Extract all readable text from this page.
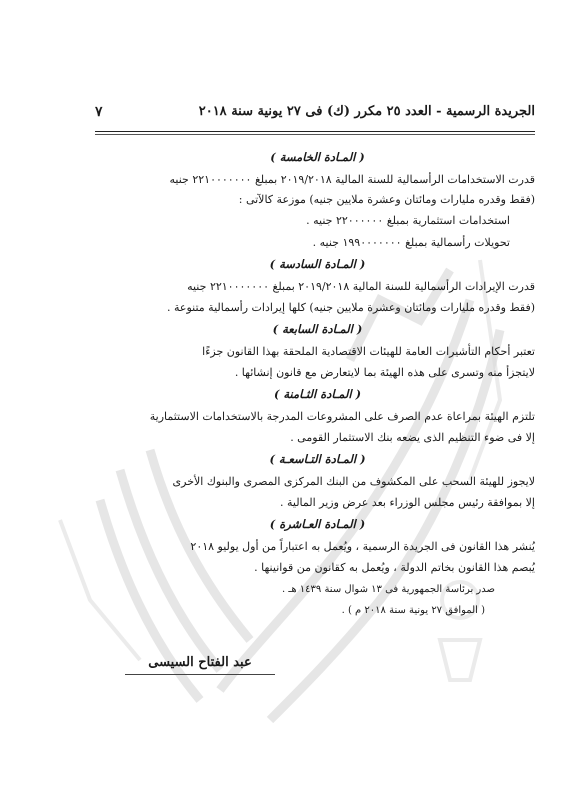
الجريدة الرسمية - العدد ٢٥ مكرر (ك) فى ٢٧ يونية سنة ٢٠١٨
٧
( المـادة الخامسة )
قدرت الاستخدامات الرأسمالية للسنة المالية ٢٠١٩/٢٠١٨ بمبلغ ٢٢١٠٠٠٠٠٠٠ جنيه
(فقط وقدره مليارات ومائتان وعشرة ملايين جنيه) موزعة كالآتى :
استخدامات استثمارية بمبلغ ٢٢٠٠٠٠٠٠ جنيه .
تحويلات رأسمالية بمبلغ ١٩٩٠٠٠٠٠٠٠ جنيه .
( المـادة السادسة )
قدرت الإيرادات الرأسمالية للسنة المالية ٢٠١٩/٢٠١٨ بمبلغ ٢٢١٠٠٠٠٠٠٠ جنيه
(فقط وقدره مليارات ومائتان وعشرة ملايين جنيه) كلها إيرادات رأسمالية متنوعة .
( المـادة السابعة )
تعتبر أحكام التأشيرات العامة للهيئات الاقتصادية الملحقة بهذا القانون جزءًا
لايتجزأ منه وتسرى على هذه الهيئة بما لايتعارض مع قانون إنشائها .
( المـادة الثـامنة )
تلتزم الهيئة بمراعاة عدم الصرف على المشروعات المدرجة بالاستخدامات الاستثمارية
إلا فى ضوء التنظيم الذى يضعه بنك الاستثمار القومى .
( المـادة التـاسعـة )
لايجوز للهيئة السحب على المكشوف من البنك المركزى المصرى والبنوك الأخرى
إلا بموافقة رئيس مجلس الوزراء بعد عرض وزير المالية .
( المـادة العـاشرة )
يُنشر هذا القانون فى الجريدة الرسمية ، ويُعمل به اعتباراً من أول يوليو ٢٠١٨
يُبصم هذا القانون بخاتم الدولة ، ويُعمل به كقانون من قوانينها .
صدر برئاسة الجمهورية فى ١٣ شوال سنة ١٤٣٩ هـ .
( الموافق ٢٧ يونية سنة ٢٠١٨ م ) .
عبد الفتاح السيسى
